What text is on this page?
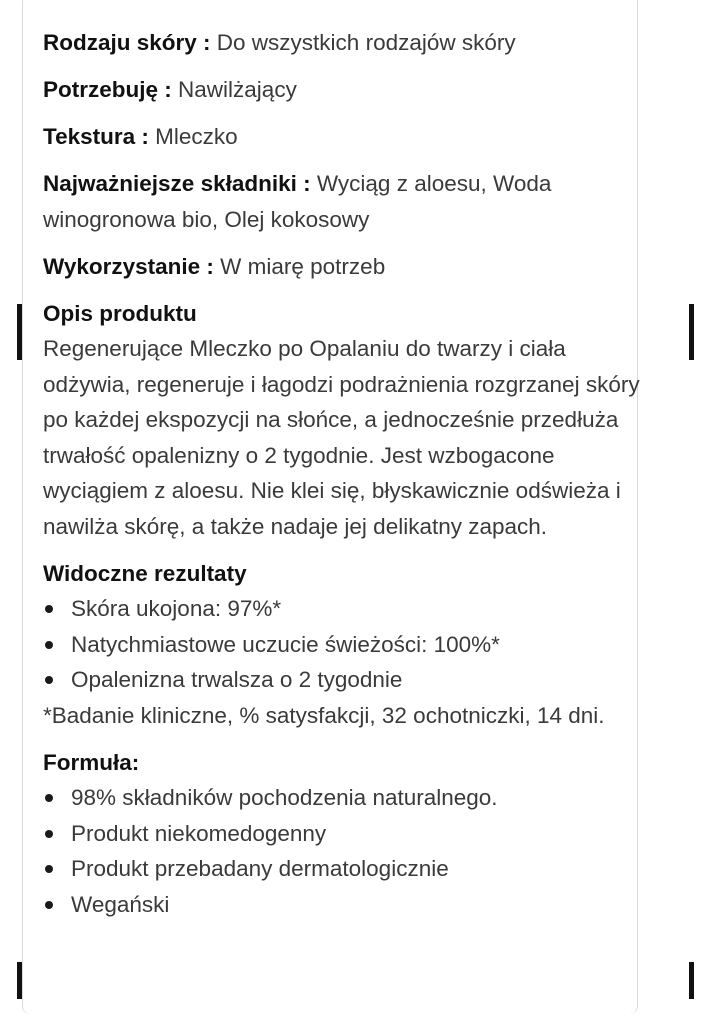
Rodzaju skóry : Do wszystkich rodzajów skóry
Potrzebuję : Nawilżający
Tekstura : Mleczko
Najważniejsze składniki : Wyciąg z aloesu, Woda winogronowa bio, Olej kokosowy
Wykorzystanie : W miarę potrzeb
Opis produktu
Regenerujące Mleczko po Opalaniu do twarzy i ciała odżywia, regeneruje i łagodzi podrażnienia rozgrzanej skóry po każdej ekspozycji na słońce, a jednocześnie przedłuża trwałość opalenizny o 2 tygodnie. Jest wzbogacone wyciągiem z aloesu. Nie klei się, błyskawicznie odświeża i nawilża skórę, a także nadaje jej delikatny zapach.
Widoczne rezultaty
Skóra ukojona: 97%*
Natychmiastowe uczucie świeżości: 100%*
Opalenizna trwalsza o 2 tygodnie
*Badanie kliniczne, % satysfakcji, 32 ochotniczki, 14 dni.
Formuła:
98% składników pochodzenia naturalnego.
Produkt niekomedogenny
Produkt przebadany dermatologicznie
Wegański
